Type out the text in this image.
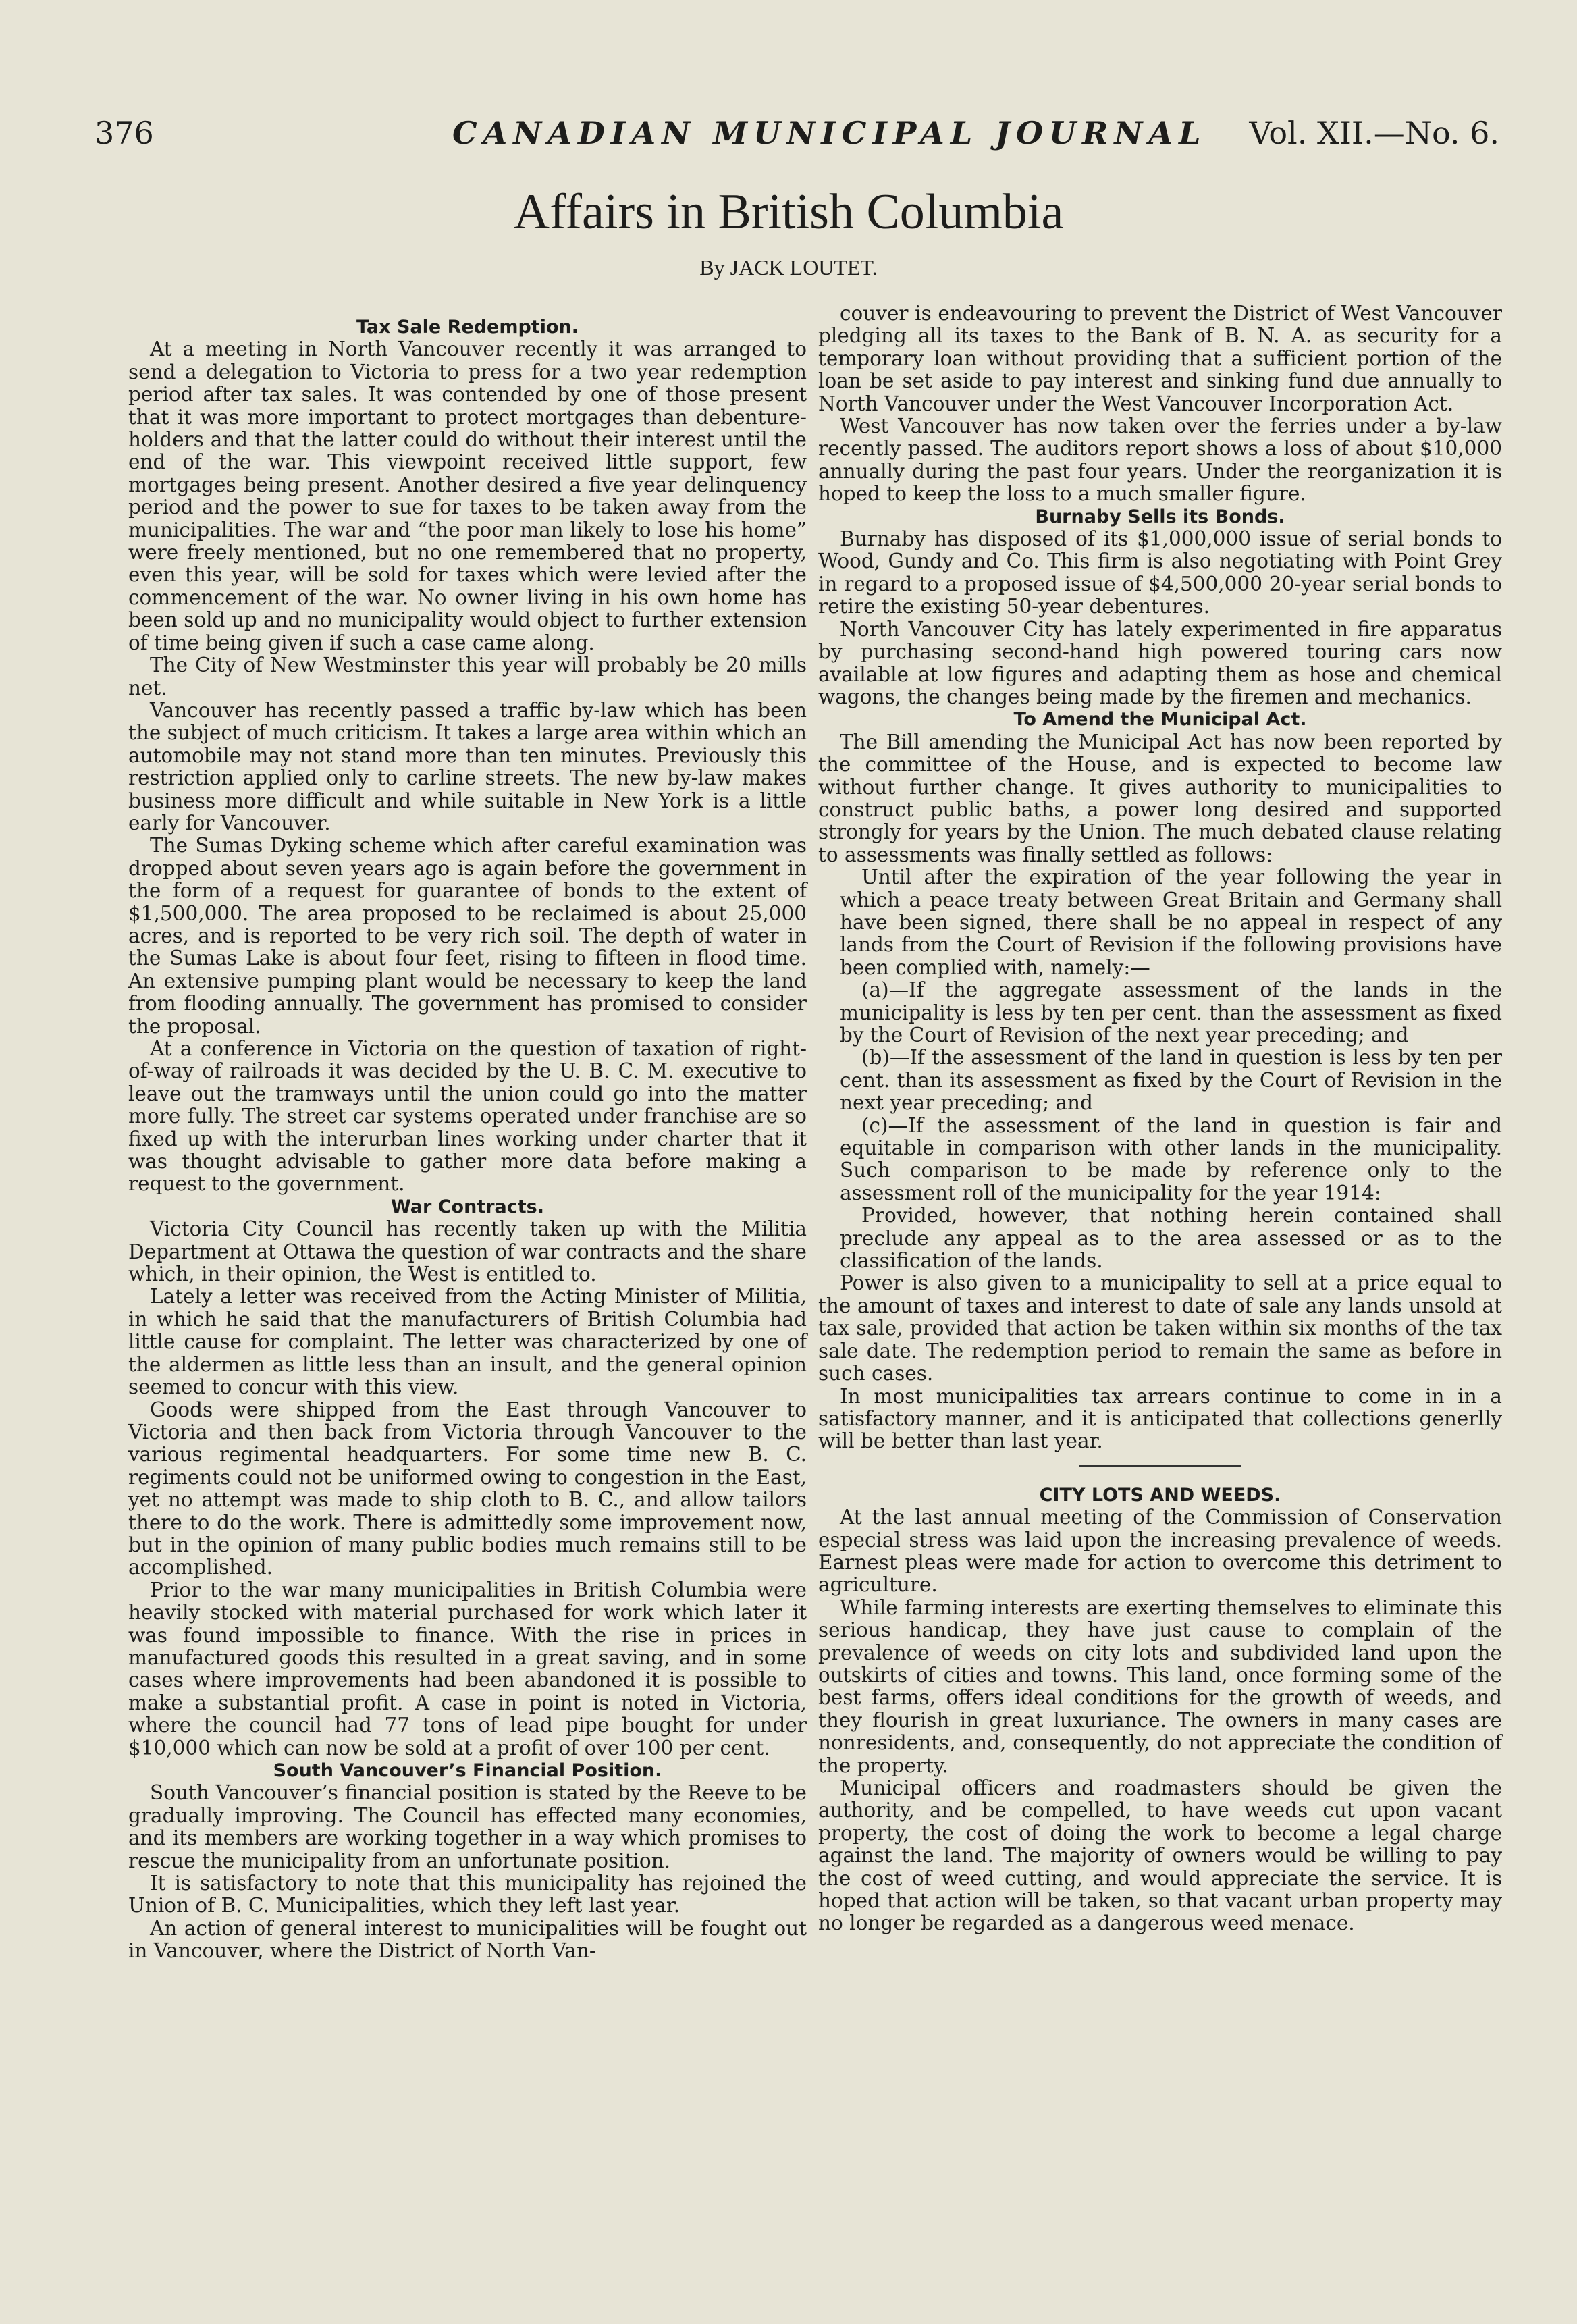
376	CANADIAN MUNICIPAL JOURNAL Vol. XII.—No. 6.
Affairs in British Columbia
By JACK LOUTET.
Tax Sale Redemption.

At a meeting in North Vancouver recently it was arranged to send a delegation to Victoria to press for a two year redemption period after tax sales. It was contended by one of those present that it was more important to protect mortgages than debenture-holders and that the latter could do without their interest until the end of the war. This viewpoint received little support, few mortgages being present. Another desired a five year delinquency period and the power to sue for taxes to be taken away from the municipalities. The war and “the poor man likely to lose his home” were freely mentioned, but no one remembered that no property, even this year, will be sold for taxes which were levied after the commencement of the war. No owner living in his own home has been sold up and no municipality would object to further extension of time being given if such a case came along.

The City of New Westminster this year will probably be 20 mills net.

Vancouver has recently passed a traffic by-law which has been the subject of much criticism. It takes a large area within which an automobile may not stand more than ten minutes. Previously this restriction applied only to carline streets. The new by-law makes business more difficult and while suitable in New York is a little early for Vancouver.

The Sumas Dyking scheme which after careful examination was dropped about seven years ago is again before the government in the form of a request for guarantee of bonds to the extent of $1,500,000. The area proposed to be reclaimed is about 25,000 acres, and is reported to be very rich soil. The depth of water in the Sumas Lake is about four feet, rising to fifteen in flood time. An extensive pumping plant would be necessary to keep the land from flooding annually. The government has promised to consider the proposal.

At a conference in Victoria on the question of taxation of right-of-way of railroads it was decided by the U. B. C. M. executive to leave out the tramways until the union could go into the matter more fully. The street car systems operated under franchise are so fixed up with the interurban lines working under charter that it was thought advisable to gather more data before making a request to the government.

War Contracts.

Victoria City Council has recently taken up with the Militia Department at Ottawa the question of war contracts and the share which, in their opinion, the West is entitled to.

Lately a letter was received from the Acting Minister of Militia, in which he said that the manufacturers of British Columbia had little cause for complaint. The letter was characterized by one of the aldermen as little less than an insult, and the general opinion seemed to concur with this view.

Goods were shipped from the East through Vancouver to Victoria and then back from Victoria through Vancouver to the various regimental headquarters. For some time new B. C. regiments could not be uniformed owing to congestion in the East, yet no attempt was made to ship cloth to B. C., and allow tailors there to do the work. There is admittedly some improvement now, but in the opinion of many public bodies much remains still to be accomplished.

Prior to the war many municipalities in British Columbia were heavily stocked with material purchased for work which later it was found impossible to finance. With the rise in prices in manufactured goods this resulted in a great saving, and in some cases where improvements had been abandoned it is possible to make a substantial profit. A case in point is noted in Victoria, where the council had 77 tons of lead pipe bought for under $10,000 which can now be sold at a profit of over 100 per cent.

South Vancouver’s Financial Position.

South Vancouver’s financial position is stated by the Reeve to be gradually improving. The Council has effected many economies, and its members are working together in a way which promises to rescue the municipality from an unfortunate position.

It is satisfactory to note that this municipality has rejoined the Union of B. C. Municipalities, which they left last year.

An action of general interest to municipalities will be fought out in Vancouver, where the District of North Van-

couver is endeavouring to prevent the District of West Vancouver pledging all its taxes to the Bank of B. N. A. as security for a temporary loan without providing that a sufficient portion of the loan be set aside to pay interest and sinking fund due annually to North Vancouver under the West Vancouver Incorporation Act.

West Vancouver has now taken over the ferries under a by-law recently passed. The auditors report shows a loss of about $10,000 annually during the past four years. Under the reorganization it is hoped to keep the loss to a much smaller figure.

Burnaby Sells its Bonds.

Burnaby has disposed of its $1,000,000 issue of serial bonds to Wood, Gundy and Co. This firm is also negotiating with Point Grey in regard to a proposed issue of $4,500,000 20-year serial bonds to retire the existing 50-year debentures.

North Vancouver City has lately experimented in fire apparatus by purchasing second-hand high powered touring cars now available at low figures and adapting them as hose and chemical wagons, the changes being made by the firemen and mechanics.

To Amend the Municipal Act.

The Bill amending the Municipal Act has now been reported by the committee of the House, and is expected to become law without further change. It gives authority to municipalities to construct public baths, a power long desired and supported strongly for years by the Union. The much debated clause relating to assessments was finally settled as follows:

Until after the expiration of the year following the year in which a peace treaty between Great Britain and Germany shall have been signed, there shall be no appeal in respect of any lands from the Court of Revision if the following provisions have been complied with, namely:—

(a)—If the aggregate assessment of the lands in the municipality is less by ten per cent. than the assessment as fixed by the Court of Revision of the next year preceding; and

(b)—If the assessment of the land in question is less by ten per cent. than its assessment as fixed by the Court of Revision in the next year preceding; and

(c)—If the assessment of the land in question is fair and equitable in comparison with other lands in the municipality. Such comparison to be made by reference only to the assessment roll of the municipality for the year 1914:

Provided, however, that nothing herein contained shall preclude any appeal as to the area assessed or as to the classification of the lands.

Power is also given to a municipality to sell at a price equal to the amount of taxes and interest to date of sale any lands unsold at tax sale, provided that action be taken within six months of the tax sale date. The redemption period to remain the same as before in such cases.

In most municipalities tax arrears continue to come in in a satisfactory manner, and it is anticipated that collections generlly will be better than last year.

CITY LOTS AND WEEDS.

At the last annual meeting of the Commission of Conservation especial stress was laid upon the increasing prevalence of weeds. Earnest pleas were made for action to overcome this detriment to agriculture.

While farming interests are exerting themselves to eliminate this serious handicap, they have just cause to complain of the prevalence of weeds on city lots and subdivided land upon the outskirts of cities and towns. This land, once forming some of the best farms, offers ideal conditions for the growth of weeds, and they flourish in great luxuriance. The owners in many cases are nonresidents, and, consequently, do not appreciate the condition of the property.

Municipal officers and roadmasters should be given the authority, and be compelled, to have weeds cut upon vacant property, the cost of doing the work to become a legal charge against the land. The majority of owners would be willing to pay the cost of weed cutting, and would appreciate the service. It is hoped that action will be taken, so that vacant urban property may no longer be regarded as a dangerous weed menace.
